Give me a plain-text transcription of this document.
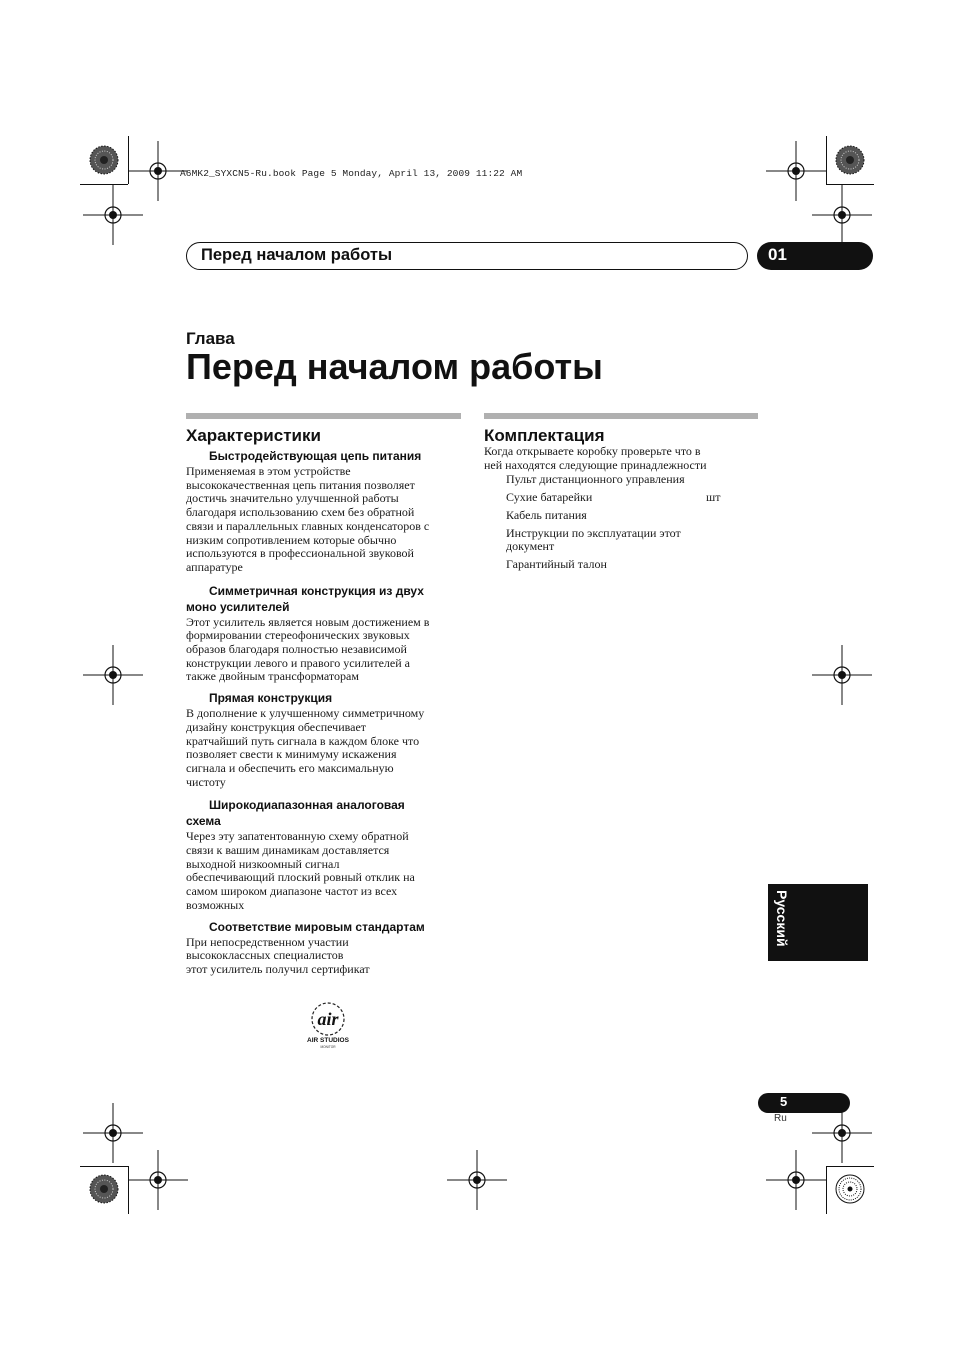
A6MK2_SYXCN5-Ru.book Page 5 Monday, April 13, 2009 11:22 AM
Перед началом работы	01
Глава
Перед началом работы
Характеристики
Быстродействующая цепь питания
Применяемая в этом устройстве
высококачественная цепь питания позволяет
достичь значительно улучшенной работы
благодаря использованию схем без обратной
связи и параллельных главных конденсаторов с
низким сопротивлением которые обычно
используются в профессиональной звуковой
аппаратуре
Симметричная конструкция из двух
моно усилителей
Этот усилитель является новым достижением в
формировании стереофонических звуковых
образов благодаря полностью независимой
конструкции левого и правого усилителей а
также двойным трансформаторам
Прямая конструкция
В дополнение к улучшенному симметричному
дизайну конструкция обеспечивает
кратчайший путь сигнала в каждом блоке что
позволяет свести к минимуму искажения
сигнала и обеспечить его максимальную
чистоту
Широкодиапазонная аналоговая
схема
Через эту запатентованную схему обратной
связи к вашим динамикам доставляется
выходной низкоомный сигнал
обеспечивающий плоский ровный отклик на
самом широком диапазоне частот из всех
возможных
Соответствие мировым стандартам
При непосредственном участии
высококлассных специалистов
этот усилитель получил сертификат
Комплектация
Когда открываете коробку проверьте что в
ней находятся следующие принадлежности
Пульт дистанционного управления
Сухие батарейки	шт
Кабель питания
Инструкции по эксплуатации этот
документ
Гарантийный талон
Русский
air
AIR STUDIOS
MONITOR
5
Ru
